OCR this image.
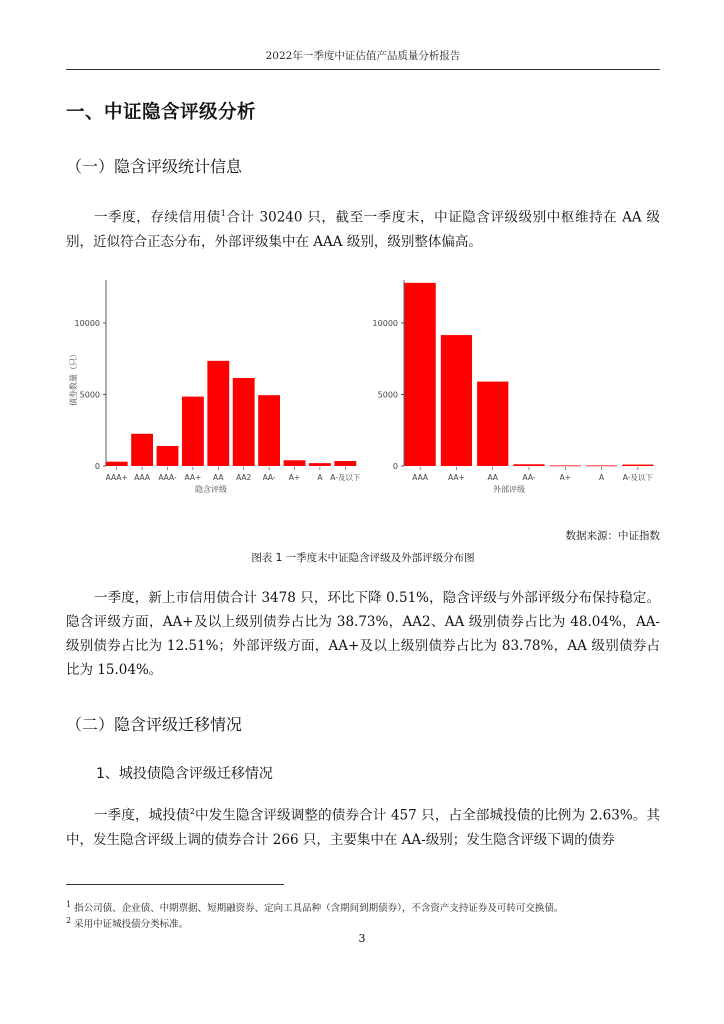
2022年一季度中证估值产品质量分析报告
一、中证隐含评级分析
（一）隐含评级统计信息

一季度，存续信用债$^1$合计 30240 只，截至一季度末，中证隐含评级级别中枢维持在 AA 级别，近似符合正态分布，外部评级集中在 AAA 级别，级别整体偏高。

0
5000
10000
AAA+ AAA AAA- AA+ AA AA2 AA- A+ A A-及以下
隐含评级
债券数量（只）
0
5000
10000
AAA	AA+	AA	AA-	A+	A A-及以下
外部评级
数据来源：中证指数
图表 1 一季度末中证隐含评级及外部评级分布图

一季度，新上市信用债合计 3478 只，环比下降 0.51%，隐含评级与外部评级分布保持稳定。隐含评级方面，AA+及以上级别债券占比为 38.73%，AA2、AA 级别债券占比为 48.04%，AA-级别债券占比为 12.51%；外部评级方面，AA+及以上级别债券占比为 83.78%，AA 级别债券占比为 15.04%。

（二）隐含评级迁移情况
1、城投债隐含评级迁移情况

一季度，城投债$^2$中发生隐含评级调整的债券合计 457 只，占全部城投债的比例为 2.63%。其中，发生隐含评级上调的债券合计 266 只，主要集中在 AA-级别；发生隐含评级下调的债券

$^1$ 指公司债、企业债、中期票据、短期融资券、定向工具品种（含期间到期债券），不含资产支持证券及可转可交换债。
$^2$ 采用中证城投债分类标准。
3
